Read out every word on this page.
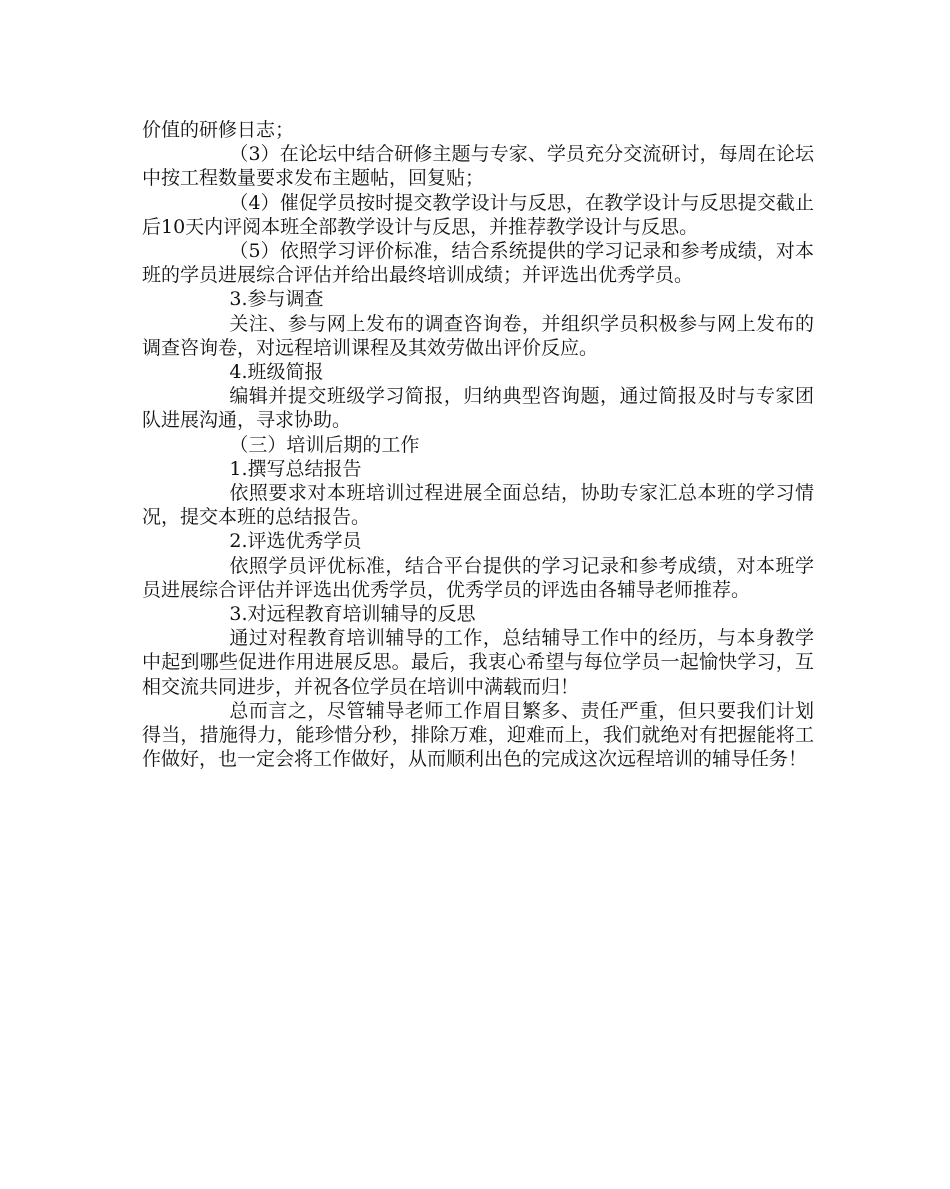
价值的研修日志；

（3）在论坛中结合研修主题与专家、学员充分交流研讨，每周在论坛中按工程数量要求发布主题帖，回复贴；

（4）催促学员按时提交教学设计与反思，在教学设计与反思提交截止后10天内评阅本班全部教学设计与反思，并推荐教学设计与反思。

（5）依照学习评价标准，结合系统提供的学习记录和参考成绩，对本班的学员进展综合评估并给出最终培训成绩；并评选出优秀学员。

3.参与调查

关注、参与网上发布的调查咨询卷，并组织学员积极参与网上发布的调查咨询卷，对远程培训课程及其效劳做出评价反应。

4.班级简报

编辑并提交班级学习简报，归纳典型咨询题，通过简报及时与专家团队进展沟通，寻求协助。

（三）培训后期的工作

1.撰写总结报告

依照要求对本班培训过程进展全面总结，协助专家汇总本班的学习情况，提交本班的总结报告。

2.评选优秀学员

依照学员评优标准，结合平台提供的学习记录和参考成绩，对本班学员进展综合评估并评选出优秀学员，优秀学员的评选由各辅导老师推荐。

3.对远程教育培训辅导的反思

通过对程教育培训辅导的工作，总结辅导工作中的经历，与本身教学中起到哪些促进作用进展反思。最后，我衷心希望与每位学员一起愉快学习，互相交流共同进步，并祝各位学员在培训中满载而归！

总而言之，尽管辅导老师工作眉目繁多、责任严重，但只要我们计划得当，措施得力，能珍惜分秒，排除万难，迎难而上，我们就绝对有把握能将工作做好，也一定会将工作做好，从而顺利出色的完成这次远程培训的辅导任务！
